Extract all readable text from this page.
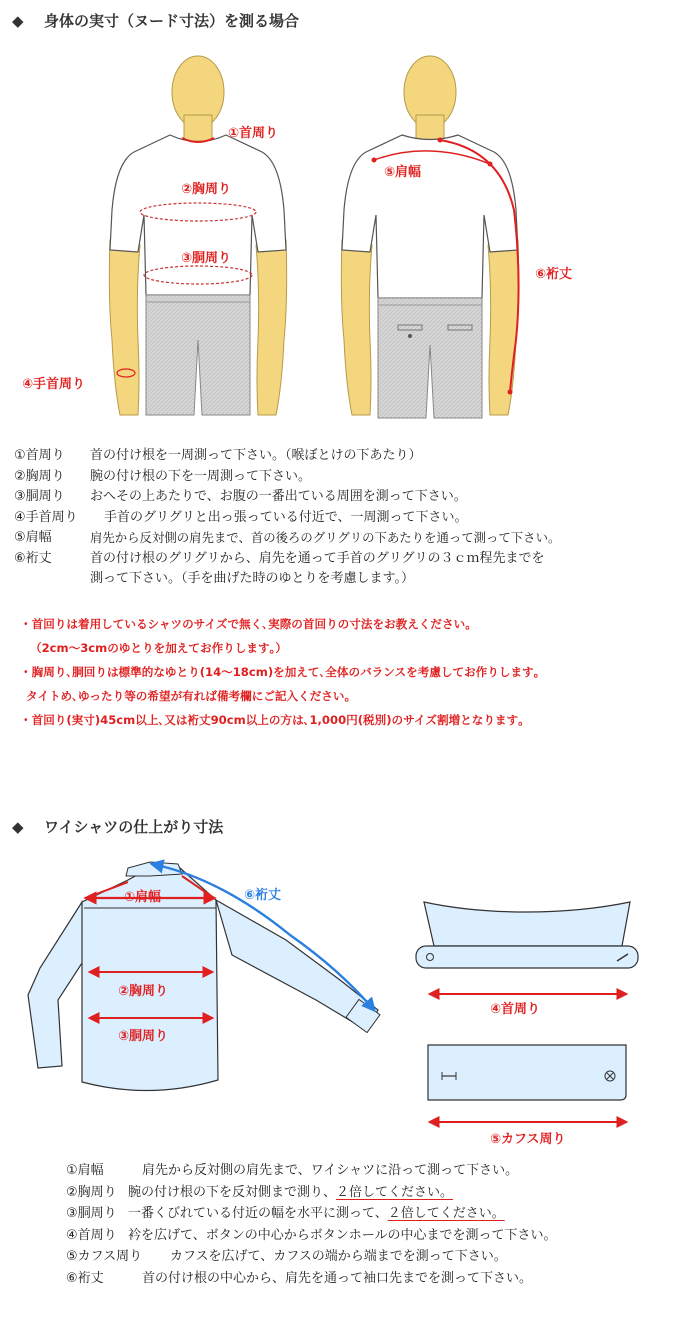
◆ 身体の実寸（ヌード寸法）を測る場合
①首周り
②胸周り
③胴周り
④手首周り
⑤肩幅
⑥裄丈
①首周り 首の付け根を一周測って下さい。（喉ぼとけの下あたり）
②胸周り 腕の付け根の下を一周測って下さい。
③胴周り おへその上あたりで、お腹の一番出ている周囲を測って下さい。
④手首周り 手首のグリグリと出っ張っている付近で、一周測って下さい。
⑤肩幅	肩先から反対側の肩先まで、首の後ろのグリグリの下あたりを通って測って下さい。
⑥裄丈	首の付け根のグリグリから、肩先を通って手首のグリグリの３ｃｍ程先までを
測って下さい。（手を曲げた時のゆとりを考慮します。）
・首回りは着用しているシャツのサイズで無く､実際の首回りの寸法をお教えください｡
（2cm〜3cmのゆとりを加えてお作りします｡）
・胸周り､胴回りは標準的なゆとり(14〜18cm)を加えて､全体のバランスを考慮してお作りします｡
タイトめ､ゆったり等の希望が有れば備考欄にご記入ください｡
・首回り(実寸)45cm以上､又は裄丈90cm以上の方は､1,000円(税別)のサイズ割増となります｡
◆ ワイシャツの仕上がり寸法
①肩幅	⑥裄丈
②胸周り
③胴周り
④首周り
⑤カフス周り
①肩幅	肩先から反対側の肩先まで、ワイシャツに沿って測って下さい。
②胸周り 腕の付け根の下を反対側まで測り、２倍してください。
③胴周り 一番くびれている付近の幅を水平に測って、２倍してください。
④首周り 衿を広げて、ボタンの中心からボタンホールの中心までを測って下さい。
⑤カフス周り カフスを広げて、カフスの端から端までを測って下さい。
⑥裄丈	首の付け根の中心から、肩先を通って袖口先までを測って下さい。
